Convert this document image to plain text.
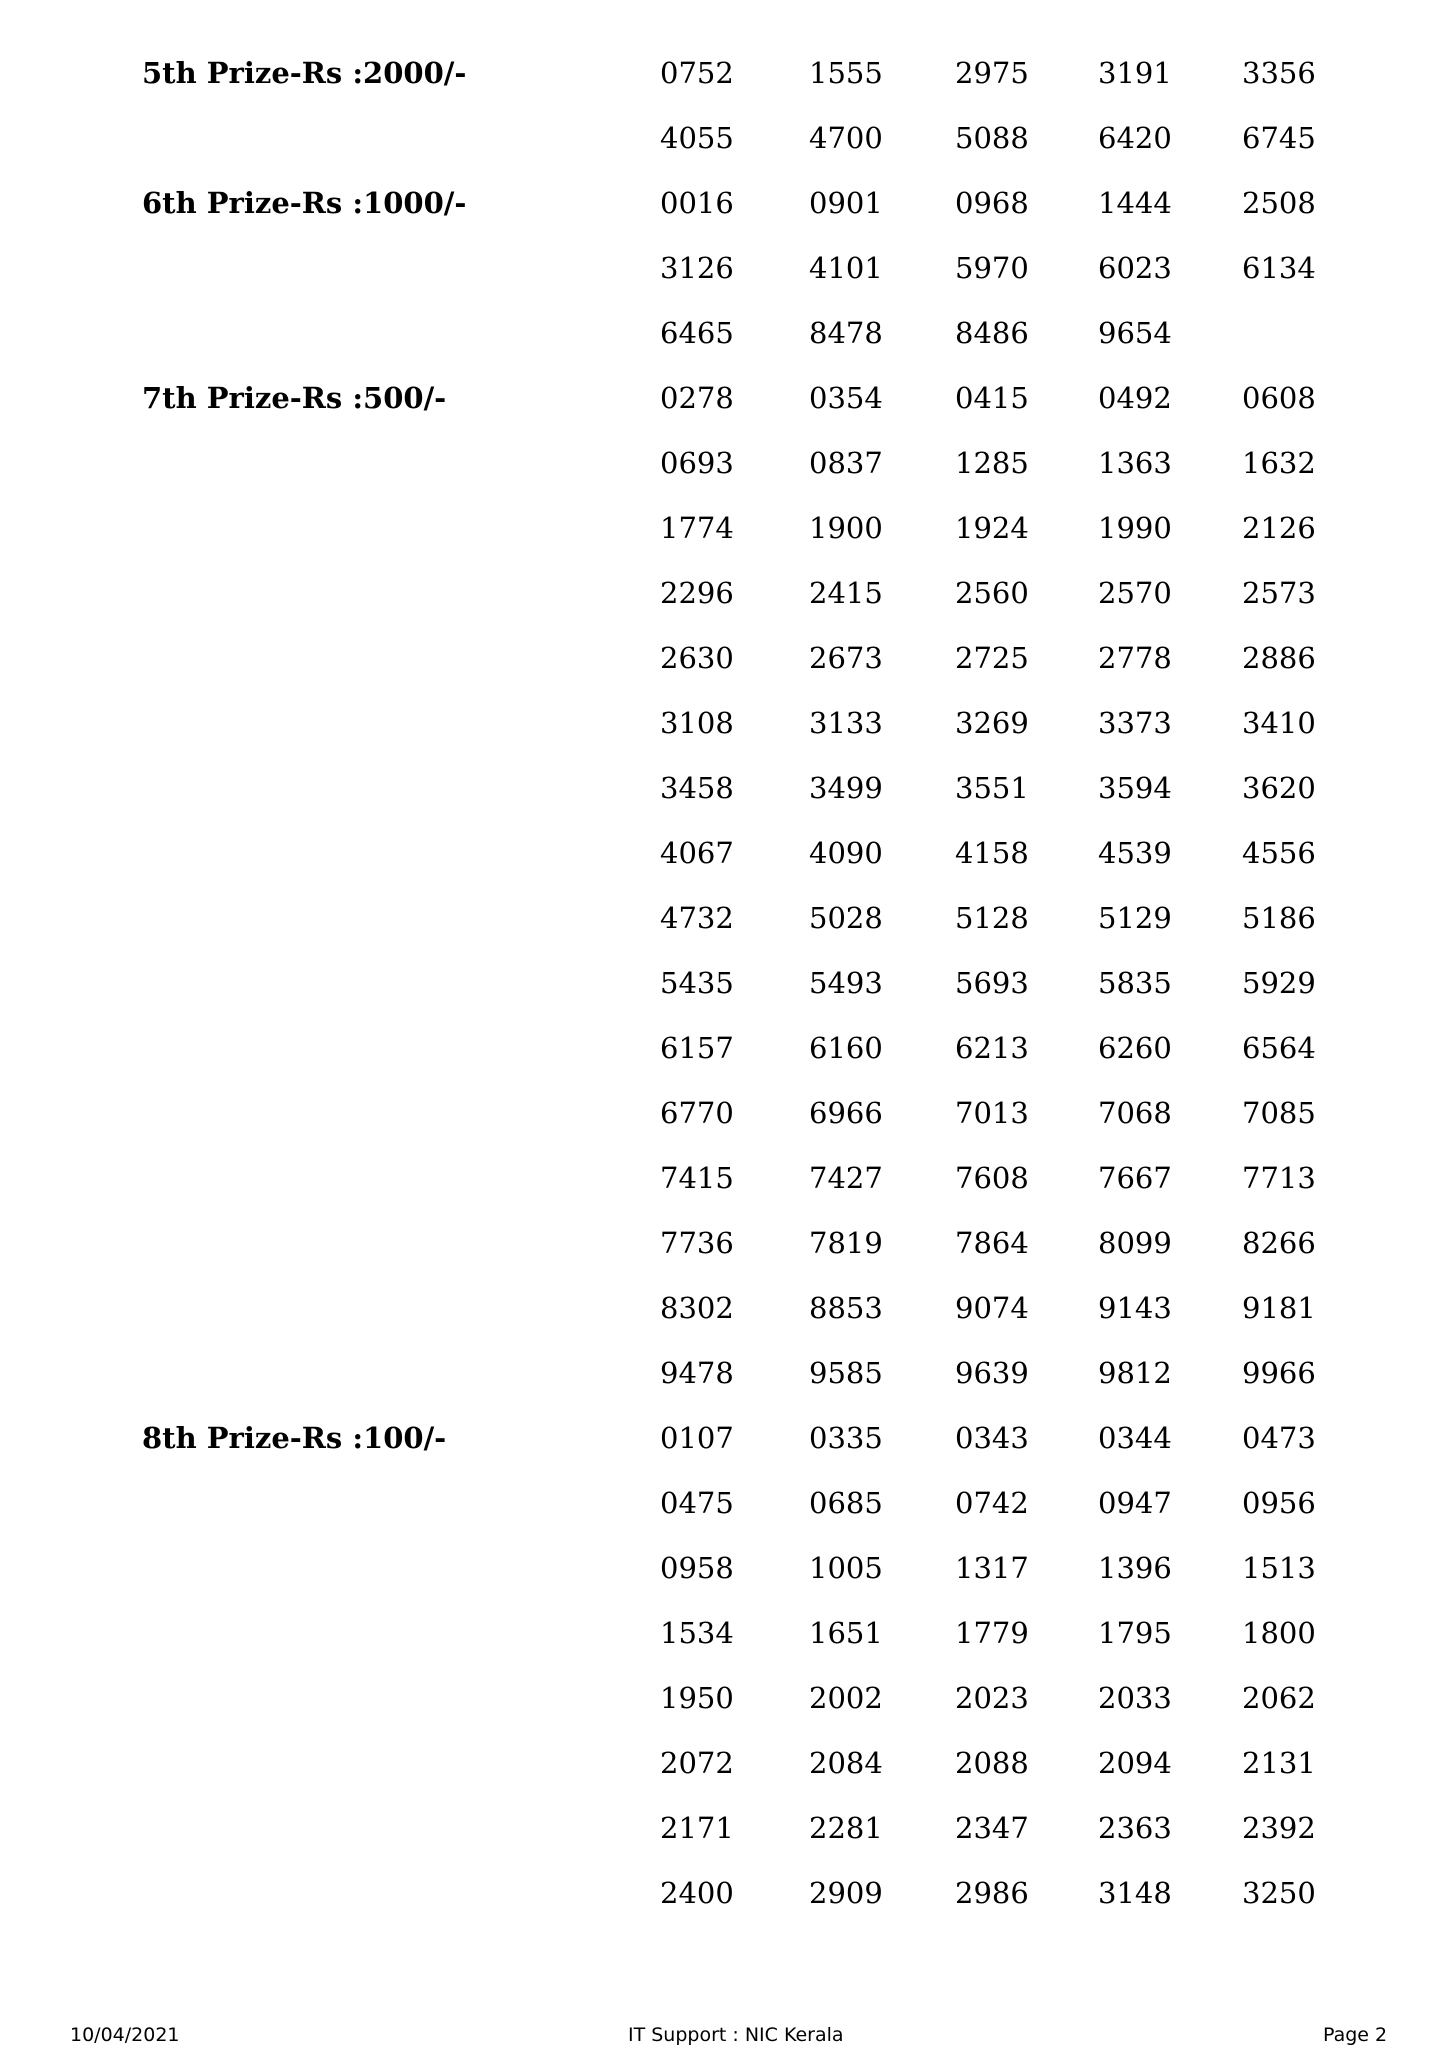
5th Prize-Rs :2000/-	0752	1555 2975 3191 3356
4055	4700 5088 6420 6745
6th Prize-Rs :1000/-	0016	0901 0968 1444 2508
3126	4101 5970 6023 6134
6465	8478 8486 9654
7th Prize-Rs :500/-	0278	0354 0415 0492 0608
0693	0837 1285 1363 1632
1774	1900 1924 1990 2126
2296	2415 2560 2570 2573
2630	2673 2725 2778 2886
3108	3133 3269 3373 3410
3458	3499 3551 3594 3620
4067	4090 4158 4539 4556
4732	5028 5128 5129 5186
5435	5493 5693 5835 5929
6157	6160 6213 6260 6564
6770	6966 7013 7068 7085
7415	7427 7608 7667 7713
7736	7819 7864 8099 8266
8302	8853 9074 9143 9181
9478	9585 9639 9812 9966
8th Prize-Rs :100/-	0107	0335 0343 0344 0473
0475	0685 0742 0947 0956
0958	1005 1317 1396 1513
1534	1651 1779 1795 1800
1950	2002 2023 2033 2062
2072	2084 2088 2094 2131
2171	2281 2347 2363 2392
2400	2909 2986 3148 3250
10/04/2021	IT Support : NIC Kerala	Page 2
